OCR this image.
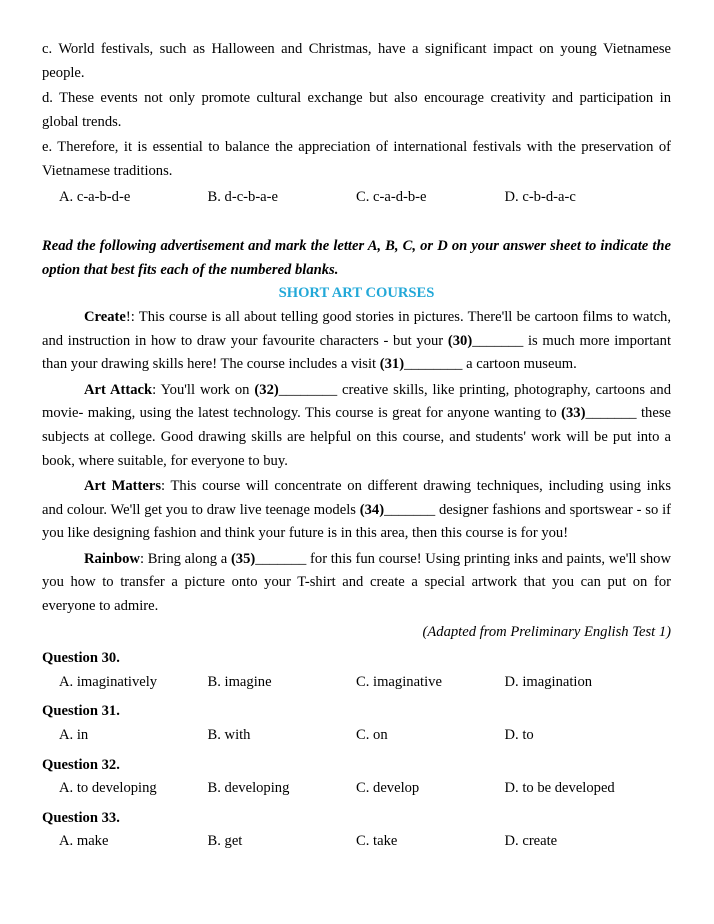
c. World festivals, such as Halloween and Christmas, have a significant impact on young Vietnamese people.

d. These events not only promote cultural exchange but also encourage creativity and participation in global trends.

e. Therefore, it is essential to balance the appreciation of international festivals with the preservation of Vietnamese traditions.

A. c-a-b-d-e	B. d-c-b-a-e	C. c-a-d-b-e	D. c-b-d-a-c

Read the following advertisement and mark the letter A, B, C, or D on your answer sheet to indicate the option that best fits each of the numbered blanks.

SHORT ART COURSES

Create!: This course is all about telling good stories in pictures. There'll be cartoon films to watch, and instruction in how to draw your favourite characters - but your (30)_______ is much more important than your drawing skills here! The course includes a visit (31)________ a cartoon museum.

Art Attack: You'll work on (32)________ creative skills, like printing, photography, cartoons and movie- making, using the latest technology. This course is great for anyone wanting to (33)_______ these subjects at college. Good drawing skills are helpful on this course, and students' work will be put into a book, where suitable, for everyone to buy.

Art Matters: This course will concentrate on different drawing techniques, including using inks and colour. We'll get you to draw live teenage models (34)_______ designer fashions and sportswear - so if you like designing fashion and think your future is in this area, then this course is for you!

Rainbow: Bring along a (35)_______ for this fun course! Using printing inks and paints, we'll show you how to transfer a picture onto your T-shirt and create a special artwork that you can put on for everyone to admire.

(Adapted from Preliminary English Test 1)

Question 30.

A. imaginatively	B. imagine	C. imaginative	D. imagination

Question 31.

A. in	B. with	C. on	D. to

Question 32.

A. to developing	B. developing	C. develop	D. to be developed

Question 33.

A. make	B. get	C. take	D. create
